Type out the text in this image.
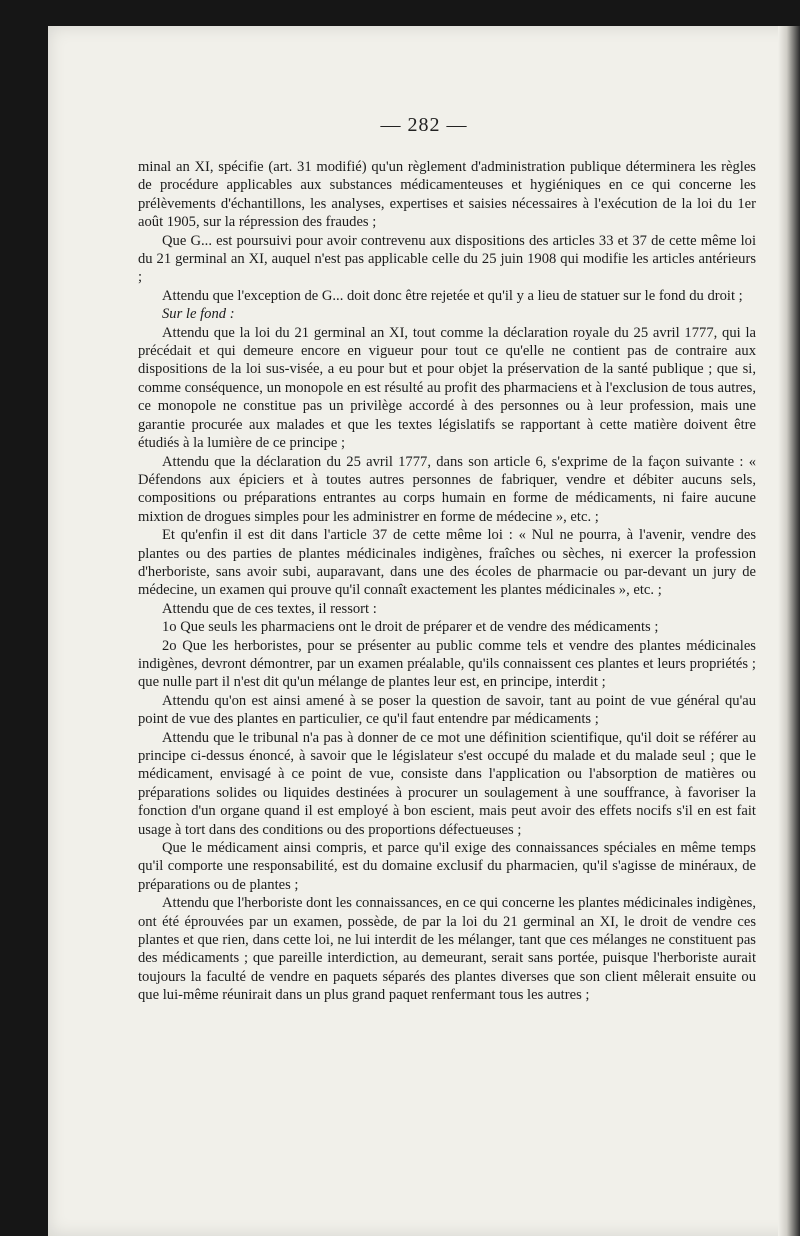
— 282 —

minal an XI, spécifie (art. 31 modifié) qu'un règlement d'administration publique déterminera les règles de procédure applicables aux substances médicamenteuses et hygiéniques en ce qui concerne les prélèvements d'échantillons, les analyses, expertises et saisies nécessaires à l'exécution de la loi du 1er août 1905, sur la répression des fraudes ;

Que G... est poursuivi pour avoir contrevenu aux dispositions des articles 33 et 37 de cette même loi du 21 germinal an XI, auquel n'est pas applicable celle du 25 juin 1908 qui modifie les articles antérieurs ;

Attendu que l'exception de G... doit donc être rejetée et qu'il y a lieu de statuer sur le fond du droit ;

Sur le fond :

Attendu que la loi du 21 germinal an XI, tout comme la déclaration royale du 25 avril 1777, qui la précédait et qui demeure encore en vigueur pour tout ce qu'elle ne contient pas de contraire aux dispositions de la loi sus-visée, a eu pour but et pour objet la préservation de la santé publique ; que si, comme conséquence, un monopole en est résulté au profit des pharmaciens et à l'exclusion de tous autres, ce monopole ne constitue pas un privilège accordé à des personnes ou à leur profession, mais une garantie procurée aux malades et que les textes législatifs se rapportant à cette matière doivent être étudiés à la lumière de ce principe ;

Attendu que la déclaration du 25 avril 1777, dans son article 6, s'exprime de la façon suivante : « Défendons aux épiciers et à toutes autres personnes de fabriquer, vendre et débiter aucuns sels, compositions ou préparations entrantes au corps humain en forme de médicaments, ni faire aucune mixtion de drogues simples pour les administrer en forme de médecine », etc. ;

Et qu'enfin il est dit dans l'article 37 de cette même loi : « Nul ne pourra, à l'avenir, vendre des plantes ou des parties de plantes médicinales indigènes, fraîches ou sèches, ni exercer la profession d'herboriste, sans avoir subi, auparavant, dans une des écoles de pharmacie ou par-devant un jury de médecine, un examen qui prouve qu'il connaît exactement les plantes médicinales », etc. ;

Attendu que de ces textes, il ressort :

1o Que seuls les pharmaciens ont le droit de préparer et de vendre des médicaments ;

2o Que les herboristes, pour se présenter au public comme tels et vendre des plantes médicinales indigènes, devront démontrer, par un examen préalable, qu'ils connaissent ces plantes et leurs propriétés ; que nulle part il n'est dit qu'un mélange de plantes leur est, en principe, interdit ;

Attendu qu'on est ainsi amené à se poser la question de savoir, tant au point de vue général qu'au point de vue des plantes en particulier, ce qu'il faut entendre par médicaments ;

Attendu que le tribunal n'a pas à donner de ce mot une définition scientifique, qu'il doit se référer au principe ci-dessus énoncé, à savoir que le législateur s'est occupé du malade et du malade seul ; que le médicament, envisagé à ce point de vue, consiste dans l'application ou l'absorption de matières ou préparations solides ou liquides destinées à procurer un soulagement à une souffrance, à favoriser la fonction d'un organe quand il est employé à bon escient, mais peut avoir des effets nocifs s'il en est fait usage à tort dans des conditions ou des proportions défectueuses ;

Que le médicament ainsi compris, et parce qu'il exige des connaissances spéciales en même temps qu'il comporte une responsabilité, est du domaine exclusif du pharmacien, qu'il s'agisse de minéraux, de préparations ou de plantes ;

Attendu que l'herboriste dont les connaissances, en ce qui concerne les plantes médicinales indigènes, ont été éprouvées par un examen, possède, de par la loi du 21 germinal an XI, le droit de vendre ces plantes et que rien, dans cette loi, ne lui interdit de les mélanger, tant que ces mélanges ne constituent pas des médicaments ; que pareille interdiction, au demeurant, serait sans portée, puisque l'herboriste aurait toujours la faculté de vendre en paquets séparés des plantes diverses que son client mêlerait ensuite ou que lui-même réunirait dans un plus grand paquet renfermant tous les autres ;
